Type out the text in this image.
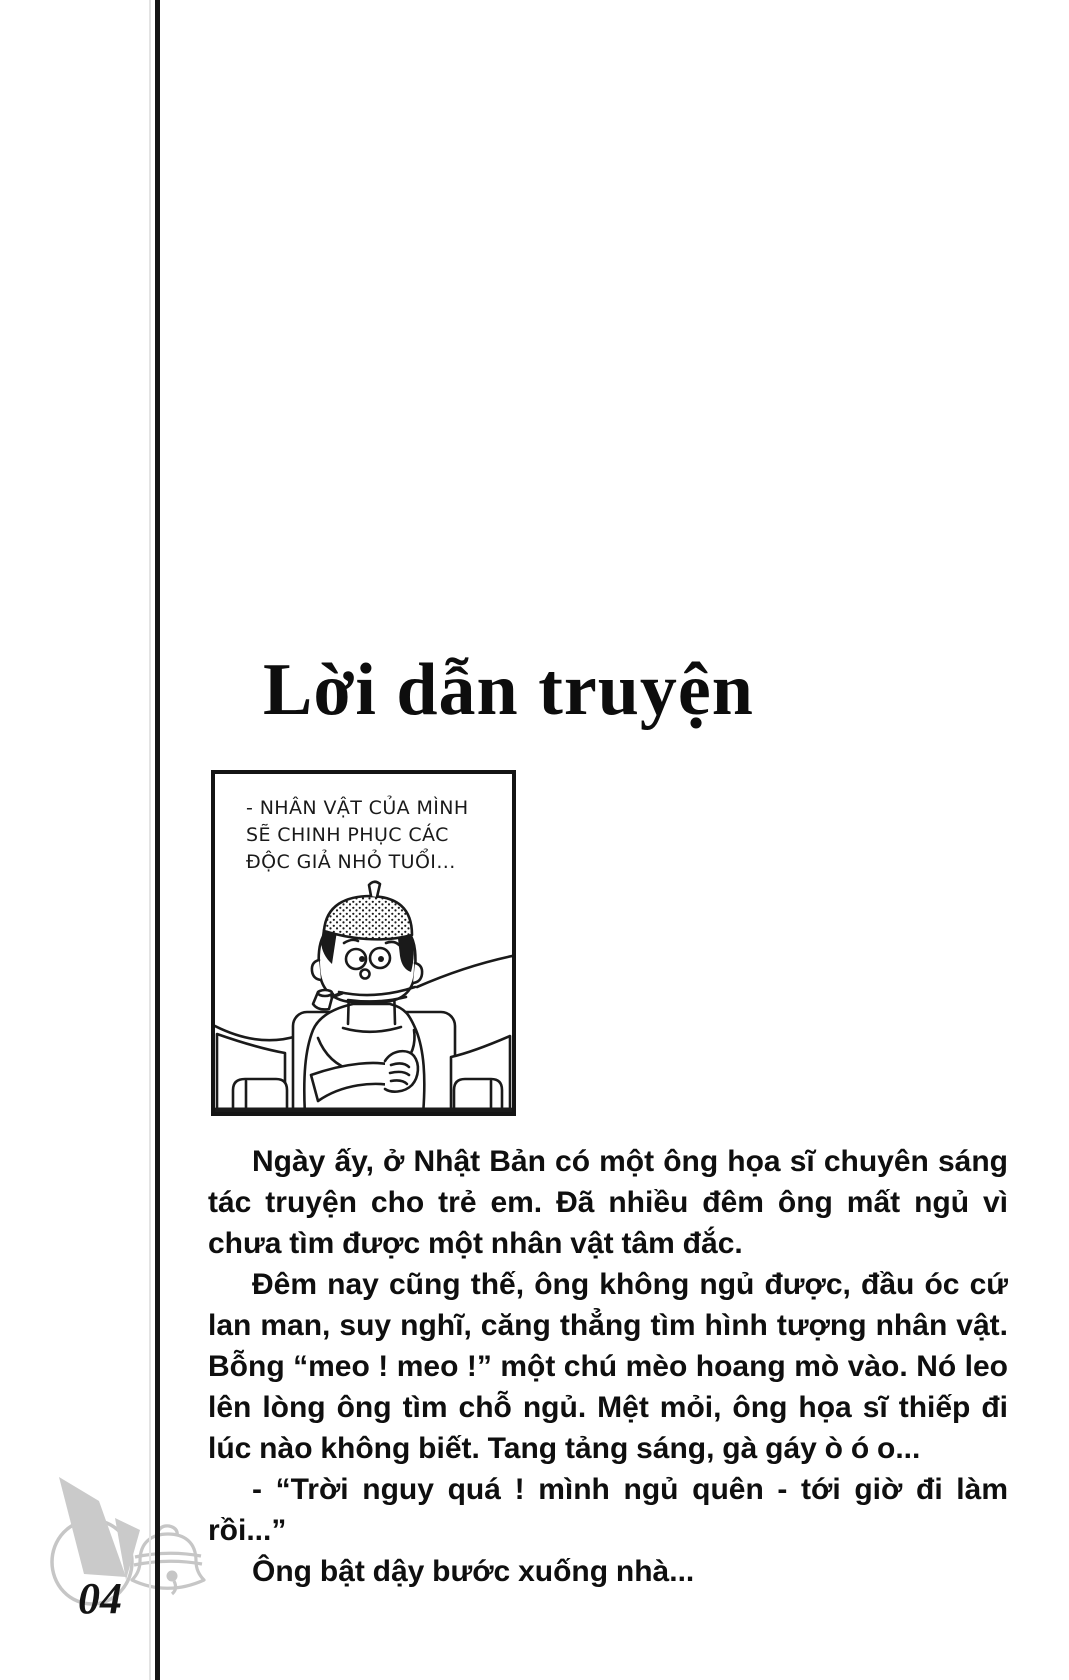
Lời dẫn truyện
- NHÂN VẬT CỦA MÌNH
SẼ CHINH PHỤC CÁC
ĐỘC GIẢ NHỎ TUỔI...

Ngày ấy, ở Nhật Bản có một ông họa sĩ chuyên sáng tác truyện cho trẻ em. Đã nhiều đêm ông mất ngủ vì chưa tìm được một nhân vật tâm đắc.

Đêm nay cũng thế, ông không ngủ được, đầu óc cứ lan man, suy nghĩ, căng thẳng tìm hình tượng nhân vật. Bỗng “meo ! meo !” một chú mèo hoang mò vào. Nó leo lên lòng ông tìm chỗ ngủ. Mệt mỏi, ông họa sĩ thiếp đi lúc nào không biết. Tang tảng sáng, gà gáy ò ó o...

- “Trời nguy quá ! mình ngủ quên - tới giờ đi làm rồi...”

Ông bật dậy bước xuống nhà...

04
